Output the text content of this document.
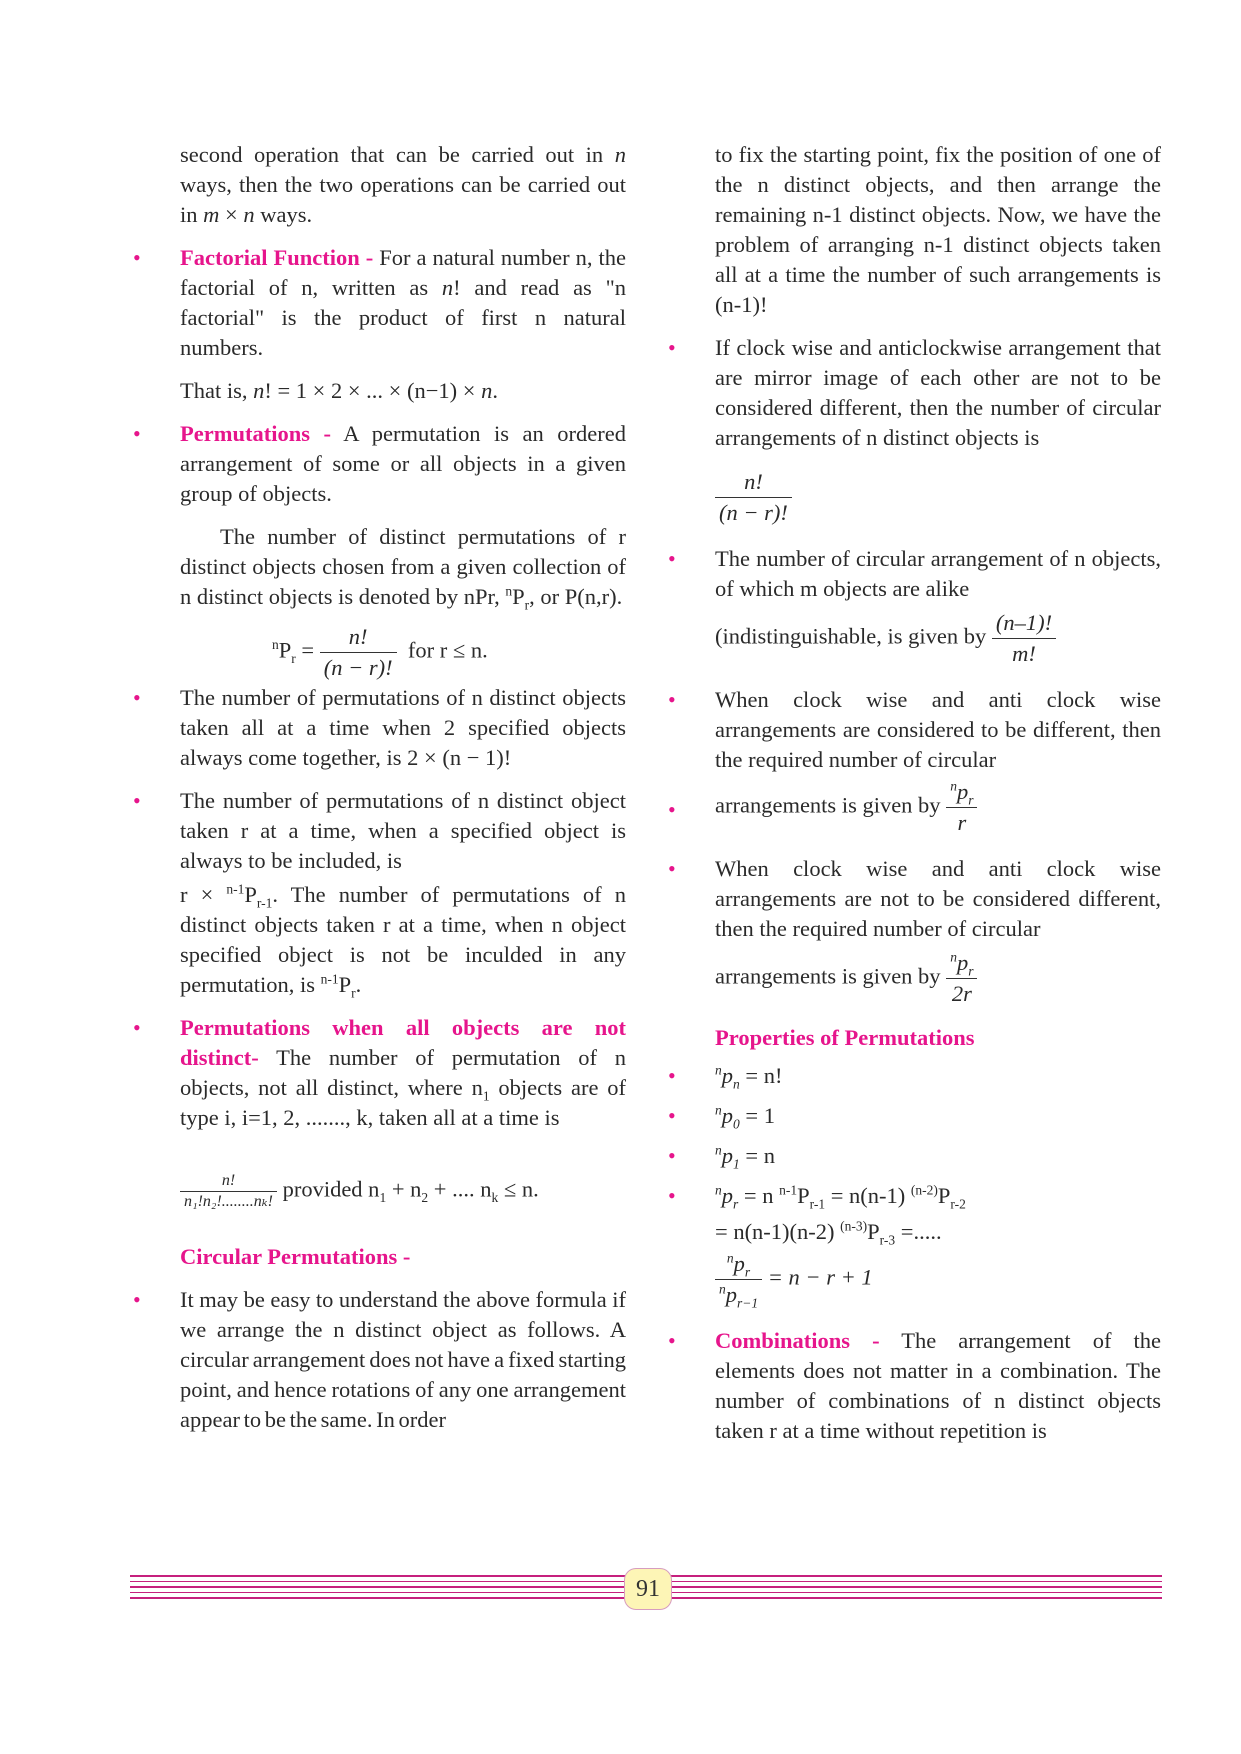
second operation that can be carried out in n ways, then the two operations can be carried out in m × n ways.

• Factorial Function - For a natural number n, the factorial of n, written as n! and read as "n factorial" is the product of first n natural numbers.

That is, n! = 1 × 2 × ... × (n−1) × n.

• Permutations - A permutation is an ordered arrangement of some or all objects in a given group of objects.

The number of distinct permutations of r distinct objects chosen from a given collection of n distinct objects is denoted by nPr, $^nP_r$, or P(n,r).

$^nP_r = \frac{n!}{(n - r)!}$ for r ≤ n.
• The number of permutations of n distinct objects taken all at a time when 2 specified objects always come together, is 2 × (n − 1)!

• The number of permutations of n distinct object taken r at a time, when a specified object is always to be included, is

$r \times ^{n-1}P_{r-1}$. The number of permutations of n distinct objects taken r at a time, when n object specified object is not be inculded in any permutation, is $^{n-1}P_r$.

• Permutations when all objects are not distinct- The number of permutation of n objects, not all distinct, where $n_1$ objects are of type i, i=1, 2, ......., k, taken all at a time is

$\frac{n!}{\text{n₁!n₂!........nₖ!}}$ provided $n_1 + n_2$ + .... $n_k \le n$.
Circular Permutations -
• It may be easy to understand the above formula if we arrange the n distinct object as follows. A circular arrangement does not have a fixed starting point, and hence rotations of any one arrangement appear to be the same. In order

to fix the starting point, fix the position of one of the n distinct objects, and then arrange the remaining n-1 distinct objects. Now, we have the problem of arranging n-1 distinct objects taken all at a time the number of such arrangements is (n-1)!

• If clock wise and anticlockwise arrangement that are mirror image of each other are not to be considered different, then the number of circular arrangements of n distinct objects is

$\frac{n!}{(n - r)!}$
• The number of circular arrangement of n objects, of which m objects are alike

(indistinguishable, is given by $\frac{(n-1)!}{m!}$
• When clock wise and anti clock wise arrangements are considered to be different, then the required number of circular

• arrangements is given by $\frac{^np_r}{r}$
• When clock wise and anti clock wise arrangements are not to be considered different, then the required number of circular

arrangements is given by $\frac{^np_r}{2r}$
Properties of Permutations
•	$^np_n = n$!
•	$^np_0 = 1$
•	$^np_1 = n$
•	$^np_r = n$ $^{n-1}P_{r-1} = n(n-1)$ $^{(n-2)}P_{r-2}$
= n(n-1)(n-2) $^{(n-3)}P_{r-3}$ =.....
$\frac{^np_r}{^np_{r-1}} = n - r + 1$
• Combinations - The arrangement of the elements does not matter in a combination. The number of combinations of n distinct objects taken r at a time without repetition is

91
